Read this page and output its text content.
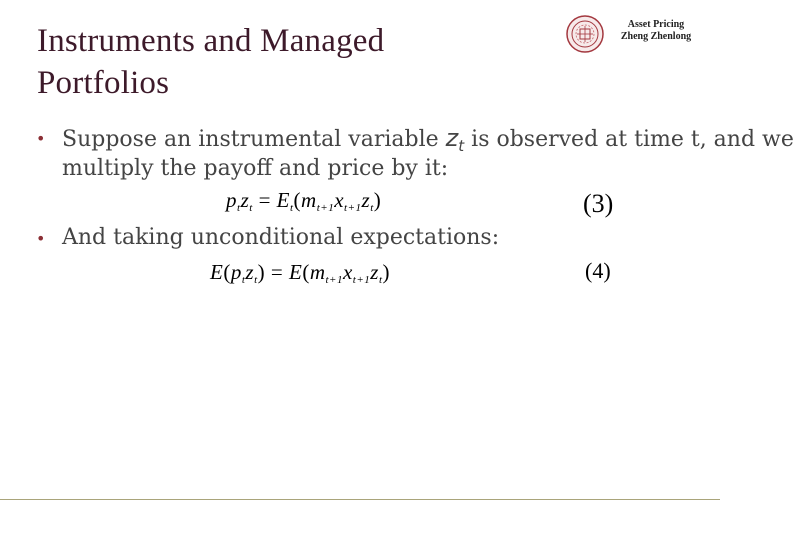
Instruments and Managed Portfolios
Asset Pricing
Zheng Zhenlong
• Suppose an instrumental variable $z_t$ is observed at time t, and we
multiply the payoff and price by it:
$p_tz_t = E_t(m_{t+1}x_{t+1}z_t)$	(3)
• And taking unconditional expectations:
$E(p_tz_t) = E(m_{t+1}x_{t+1}z_t)$	(4)
